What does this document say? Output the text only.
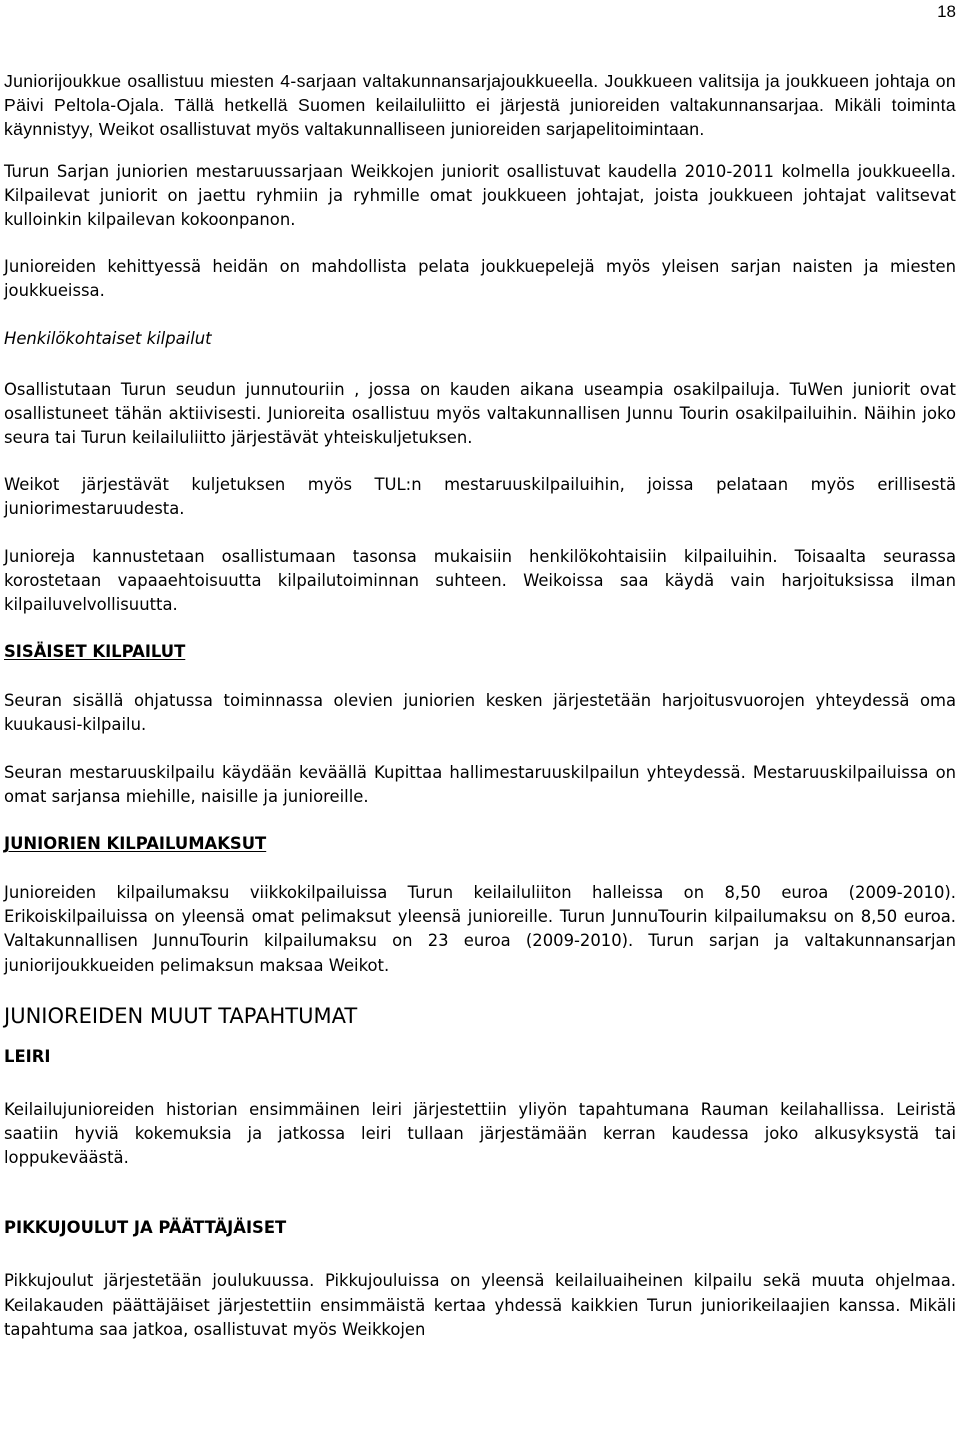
18

Juniorijoukkue osallistuu miesten 4-sarjaan valtakunnansarjajoukkueella. Joukkueen valitsija ja joukkueen johtaja on Päivi Peltola-Ojala. Tällä hetkellä Suomen keilailuliitto ei järjestä junioreiden valtakunnansarjaa. Mikäli toiminta käynnistyy, Weikot osallistuvat myös valtakunnalliseen junioreiden sarjapelitoimintaan.

Turun Sarjan juniorien mestaruussarjaan Weikkojen juniorit osallistuvat kaudella 2010-2011 kolmella joukkueella. Kilpailevat juniorit on jaettu ryhmiin ja ryhmille omat joukkueen johtajat, joista joukkueen johtajat valitsevat kulloinkin kilpailevan kokoonpanon.

Junioreiden kehittyessä heidän on mahdollista pelata joukkuepelejä myös yleisen sarjan naisten ja miesten joukkueissa.

Henkilökohtaiset kilpailut

Osallistutaan Turun seudun junnutouriin , jossa on kauden aikana useampia osakilpailuja. TuWen juniorit ovat osallistuneet tähän aktiivisesti. Junioreita osallistuu myös valtakunnallisen Junnu Tourin osakilpailuihin. Näihin joko seura tai Turun keilailuliitto järjestävät yhteiskuljetuksen.

Weikot järjestävät kuljetuksen myös TUL:n mestaruuskilpailuihin, joissa pelataan myös erillisestä juniorimestaruudesta.

Junioreja kannustetaan osallistumaan tasonsa mukaisiin henkilökohtaisiin kilpailuihin. Toisaalta seurassa korostetaan vapaaehtoisuutta kilpailutoiminnan suhteen. Weikoissa saa käydä vain harjoituksissa ilman kilpailuvelvollisuutta.

SISÄISET KILPAILUT

Seuran sisällä ohjatussa toiminnassa olevien juniorien kesken järjestetään harjoitusvuorojen yhteydessä oma kuukausi-kilpailu.

Seuran mestaruuskilpailu käydään keväällä Kupittaa hallimestaruuskilpailun yhteydessä. Mestaruuskilpailuissa on omat sarjansa miehille, naisille ja junioreille.

JUNIORIEN KILPAILUMAKSUT

Junioreiden kilpailumaksu viikkokilpailuissa Turun keilailuliiton halleissa on 8,50 euroa (2009-2010). Erikoiskilpailuissa on yleensä omat pelimaksut yleensä junioreille. Turun JunnuTourin kilpailumaksu on 8,50 euroa. Valtakunnallisen JunnuTourin kilpailumaksu on 23 euroa (2009-2010). Turun sarjan ja valtakunnansarjan juniorijoukkueiden pelimaksun maksaa Weikot.

JUNIOREIDEN MUUT TAPAHTUMAT

LEIRI

Keilailujunioreiden historian ensimmäinen leiri järjestettiin yliyön tapahtumana Rauman keilahallissa. Leiristä saatiin hyviä kokemuksia ja jatkossa leiri tullaan järjestämään kerran kaudessa joko alkusyksystä tai loppukeväästä.

PIKKUJOULUT JA PÄÄTTÄJÄISET

Pikkujoulut järjestetään joulukuussa. Pikkujouluissa on yleensä keilailuaiheinen kilpailu sekä muuta ohjelmaa. Keilakauden päättäjäiset järjestettiin ensimmäistä kertaa yhdessä kaikkien Turun juniorikeilaajien kanssa. Mikäli tapahtuma saa jatkoa, osallistuvat myös Weikkojen
